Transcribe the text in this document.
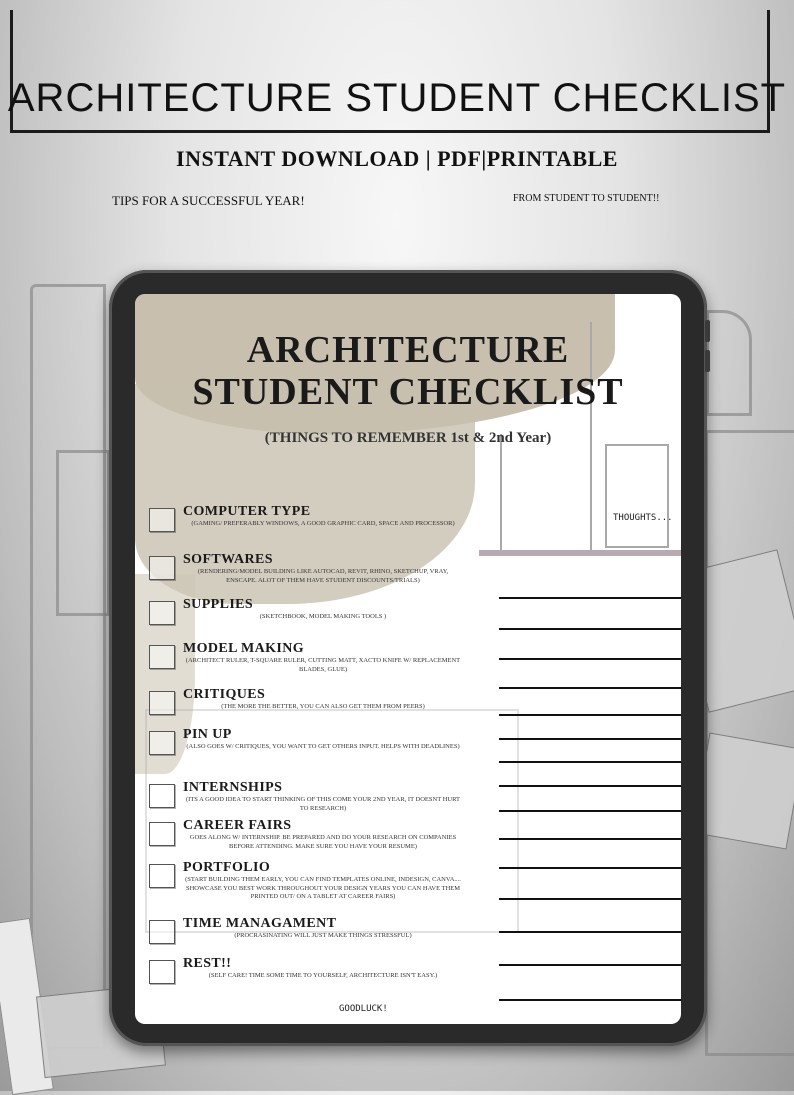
ARCHITECTURE STUDENT CHECKLIST
INSTANT DOWNLOAD | PDF|PRINTABLE
TIPS FOR A SUCCESSFUL YEAR!	FROM STUDENT TO STUDENT!!
ARCHITECTURE
STUDENT CHECKLIST
(THINGS TO REMEMBER 1st & 2nd Year)
THOUGHTS...
COMPUTER TYPE
(GAMING/ PREFERABLY WINDOWS, A GOOD GRAPHIC CARD, SPACE AND PROCESSOR)
SOFTWARES
(RENDERING/MODEL BUILDING LIKE AUTOCAD, REVIT, RHINO, SKETCHUP, VRAY, ENSCAPE. ALOT OF THEM HAVE STUDENT DISCOUNTS/TRIALS)
SUPPLIES
(SKETCHBOOK, MODEL MAKING TOOLS )
MODEL MAKING
(ARCHITECT RULER, T-SQUARE RULER, CUTTING MATT, XACTO KNIFE W/ REPLACEMENT BLADES, GLUE)
CRITIQUES
(THE MORE THE BETTER, YOU CAN ALSO GET THEM FROM PEERS)
PIN UP
(ALSO GOES W/ CRITIQUES, YOU WANT TO GET OTHERS INPUT. HELPS WITH DEADLINES)
INTERNSHIPS
(ITS A GOOD IDEA TO START THINKING OF THIS COME YOUR 2ND YEAR, IT DOESNT HURT TO RESEARCH)
CAREER FAIRS
GOES ALONG W/ INTERNSHIP. BE PREPARED AND DO YOUR RESEARCH ON COMPANIES BEFORE ATTENDING. MAKE SURE YOU HAVE YOUR RESUME)
PORTFOLIO
(START BUILDING THEM EARLY, YOU CAN FIND TEMPLATES ONLINE, INDESIGN, CANVA.... SHOWCASE YOU BEST WORK THROUGHOUT YOUR DESIGN YEARS YOU CAN HAVE THEM PRINTED OUT/ ON A TABLET AT CAREER FAIRS)
TIME MANAGAMENT
(PROCRASINATING WILL JUST MAKE THINGS STRESSFUL)
REST!!
(SELF CARE! TIME SOME TIME TO YOURSELF, ARCHITECTURE ISN'T EASY.)
GOODLUCK!
